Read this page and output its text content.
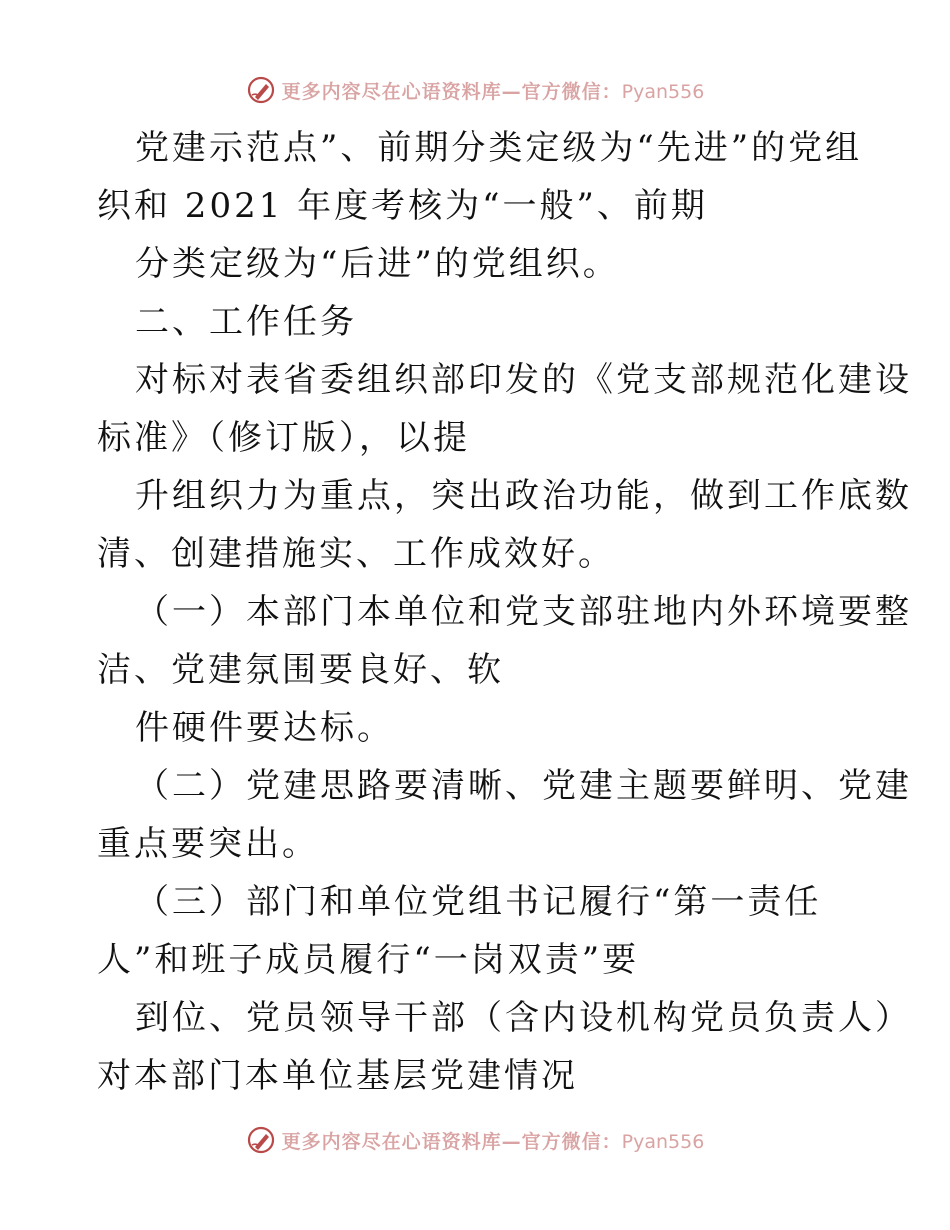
更多内容尽在心语资料库—官方微信：Pyan556
党建示范点”、前期分类定级为“先进”的党组
织和 2021 年度考核为“一般”、前期
分类定级为“后进”的党组织。
二、工作任务
对标对表省委组织部印发的《党支部规范化建设
标准》（修订版），以提
升组织力为重点，突出政治功能，做到工作底数
清、创建措施实、工作成效好。
（一）本部门本单位和党支部驻地内外环境要整
洁、党建氛围要良好、软
件硬件要达标。
（二）党建思路要清晰、党建主题要鲜明、党建
重点要突出。
（三）部门和单位党组书记履行“第一责任
人”和班子成员履行“一岗双责”要
到位、党员领导干部（含内设机构党员负责人）
对本部门本单位基层党建情况
更多内容尽在心语资料库—官方微信：Pyan556
